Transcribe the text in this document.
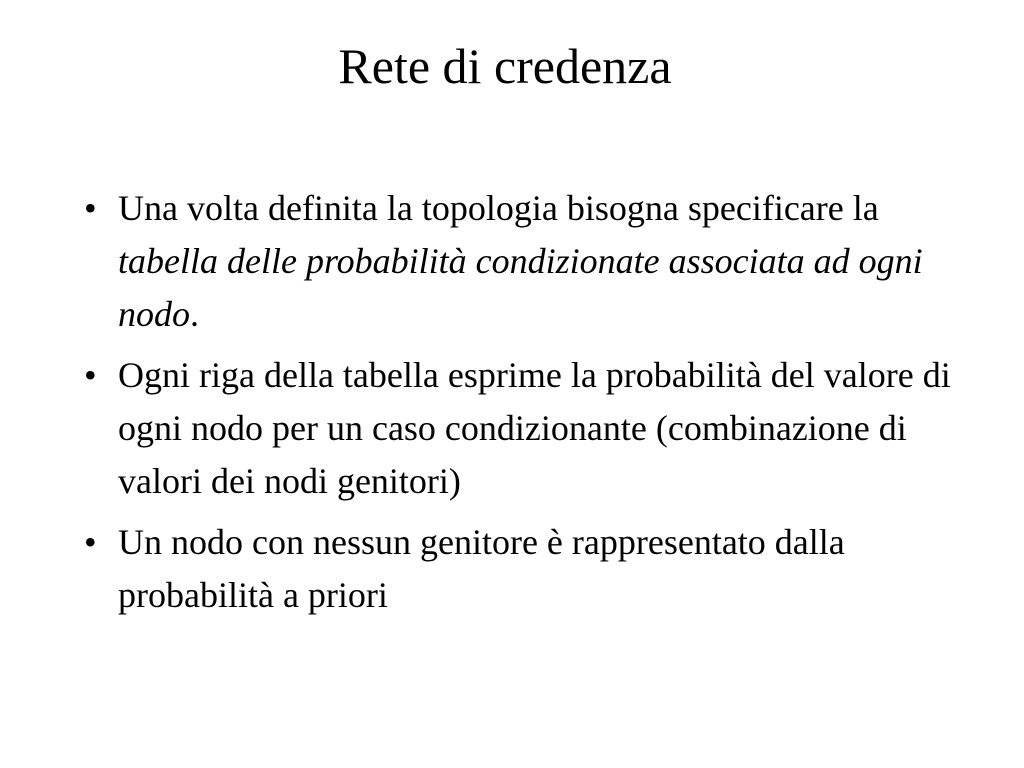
Rete di credenza
• Una volta definita la topologia bisogna specificare la tabella delle probabilità condizionate associata ad ogni nodo.
• Ogni riga della tabella esprime la probabilità del valore di ogni nodo per un caso condizionante (combinazione di valori dei nodi genitori)
• Un nodo con nessun genitore è rappresentato dalla probabilità a priori
